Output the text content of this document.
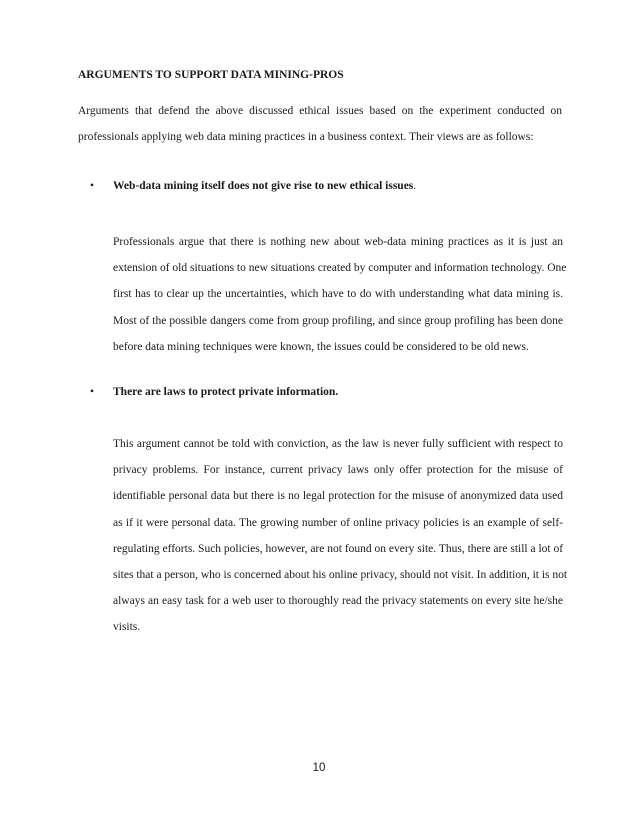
ARGUMENTS TO SUPPORT DATA MINING-PROS
Arguments that defend the above discussed ethical issues based on the experiment conducted on
professionals applying web data mining practices in a business context. Their views are as follows:
• Web-data mining itself does not give rise to new ethical issues.
Professionals argue that there is nothing new about web-data mining practices as it is just an
extension of old situations to new situations created by computer and information technology. One
first has to clear up the uncertainties, which have to do with understanding what data mining is.
Most of the possible dangers come from group profiling, and since group profiling has been done
before data mining techniques were known, the issues could be considered to be old news.
• There are laws to protect private information.
This argument cannot be told with conviction, as the law is never fully sufficient with respect to
privacy problems. For instance, current privacy laws only offer protection for the misuse of
identifiable personal data but there is no legal protection for the misuse of anonymized data used
as if it were personal data. The growing number of online privacy policies is an example of self-
regulating efforts. Such policies, however, are not found on every site. Thus, there are still a lot of
sites that a person, who is concerned about his online privacy, should not visit. In addition, it is not
always an easy task for a web user to thoroughly read the privacy statements on every site he/she
visits.
10
